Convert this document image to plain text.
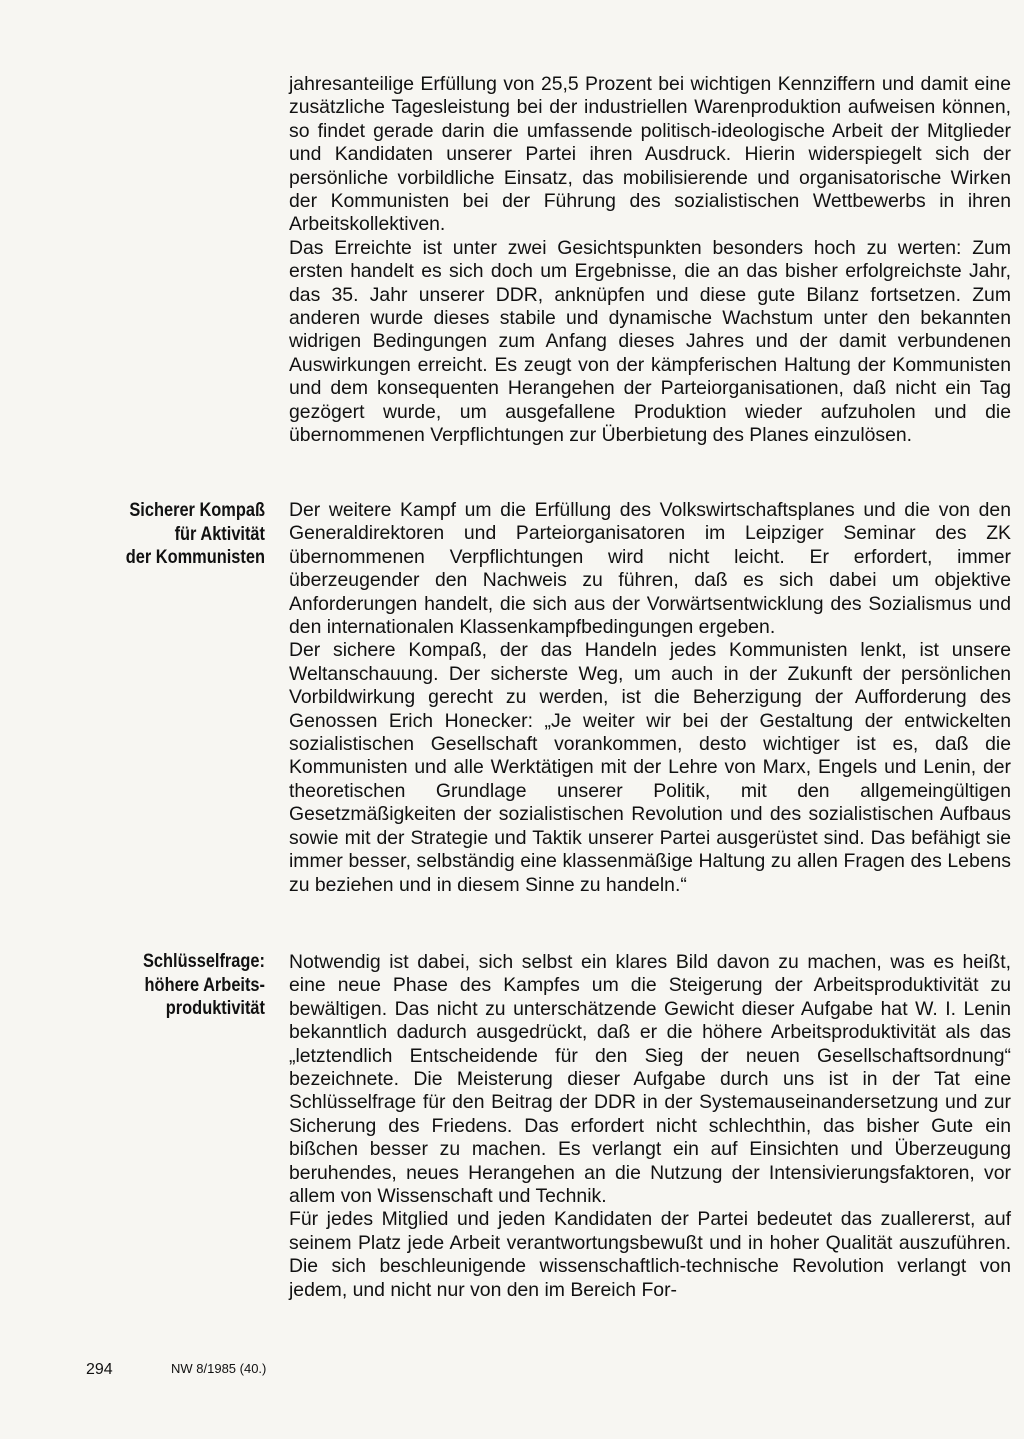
jahresanteilige Erfüllung von 25,5 Prozent bei wichtigen Kennziffern und damit eine zusätzliche Tagesleistung bei der industriellen Warenproduktion aufweisen können, so findet gerade darin die umfassende politisch-ideologische Arbeit der Mitglieder und Kandidaten unserer Partei ihren Ausdruck. Hierin widerspiegelt sich der persönliche vorbildliche Einsatz, das mobilisierende und organisatorische Wirken der Kommunisten bei der Führung des sozialistischen Wettbewerbs in ihren Arbeitskollektiven.

Das Erreichte ist unter zwei Gesichtspunkten besonders hoch zu werten: Zum ersten handelt es sich doch um Ergebnisse, die an das bisher erfolgreichste Jahr, das 35. Jahr unserer DDR, anknüpfen und diese gute Bilanz fortsetzen. Zum anderen wurde dieses stabile und dynamische Wachstum unter den bekannten widrigen Bedingungen zum Anfang dieses Jahres und der damit verbundenen Auswirkungen erreicht. Es zeugt von der kämpferischen Haltung der Kommunisten und dem konsequenten Herangehen der Parteiorganisationen, daß nicht ein Tag gezögert wurde, um ausgefallene Produktion wieder aufzuholen und die übernommenen Verpflichtungen zur Überbietung des Planes einzulösen.

Sicherer Kompaß
für Aktivität
der Kommunisten

Der weitere Kampf um die Erfüllung des Volkswirtschaftsplanes und die von den Generaldirektoren und Parteiorganisatoren im Leipziger Seminar des ZK übernommenen Verpflichtungen wird nicht leicht. Er erfordert, immer überzeugender den Nachweis zu führen, daß es sich dabei um objektive Anforderungen handelt, die sich aus der Vorwärtsentwicklung des Sozialismus und den internationalen Klassenkampfbedingungen ergeben.

Der sichere Kompaß, der das Handeln jedes Kommunisten lenkt, ist unsere Weltanschauung. Der sicherste Weg, um auch in der Zukunft der persönlichen Vorbildwirkung gerecht zu werden, ist die Beherzigung der Aufforderung des Genossen Erich Honecker: „Je weiter wir bei der Gestaltung der entwickelten sozialistischen Gesellschaft vorankommen, desto wichtiger ist es, daß die Kommunisten und alle Werktätigen mit der Lehre von Marx, Engels und Lenin, der theoretischen Grundlage unserer Politik, mit den allgemeingültigen Gesetzmäßigkeiten der sozialistischen Revolution und des sozialistischen Aufbaus sowie mit der Strategie und Taktik unserer Partei ausgerüstet sind. Das befähigt sie immer besser, selbständig eine klassenmäßige Haltung zu allen Fragen des Lebens zu beziehen und in diesem Sinne zu handeln.“

Schlüsselfrage:
höhere Arbeits-
produktivität

Notwendig ist dabei, sich selbst ein klares Bild davon zu machen, was es heißt, eine neue Phase des Kampfes um die Steigerung der Arbeitsproduktivität zu bewältigen. Das nicht zu unterschätzende Gewicht dieser Aufgabe hat W. I. Lenin bekanntlich dadurch ausgedrückt, daß er die höhere Arbeitsproduktivität als das „letztendlich Entscheidende für den Sieg der neuen Gesellschaftsordnung“ bezeichnete. Die Meisterung dieser Aufgabe durch uns ist in der Tat eine Schlüsselfrage für den Beitrag der DDR in der Systemauseinandersetzung und zur Sicherung des Friedens. Das erfordert nicht schlechthin, das bisher Gute ein bißchen besser zu machen. Es verlangt ein auf Einsichten und Überzeugung beruhendes, neues Herangehen an die Nutzung der Intensivierungsfaktoren, vor allem von Wissenschaft und Technik.

Für jedes Mitglied und jeden Kandidaten der Partei bedeutet das zuallererst, auf seinem Platz jede Arbeit verantwortungsbewußt und in hoher Qualität auszuführen. Die sich beschleunigende wissenschaftlich-technische Revolution verlangt von jedem, und nicht nur von den im Bereich For-

294	NW 8/1985 (40.)
